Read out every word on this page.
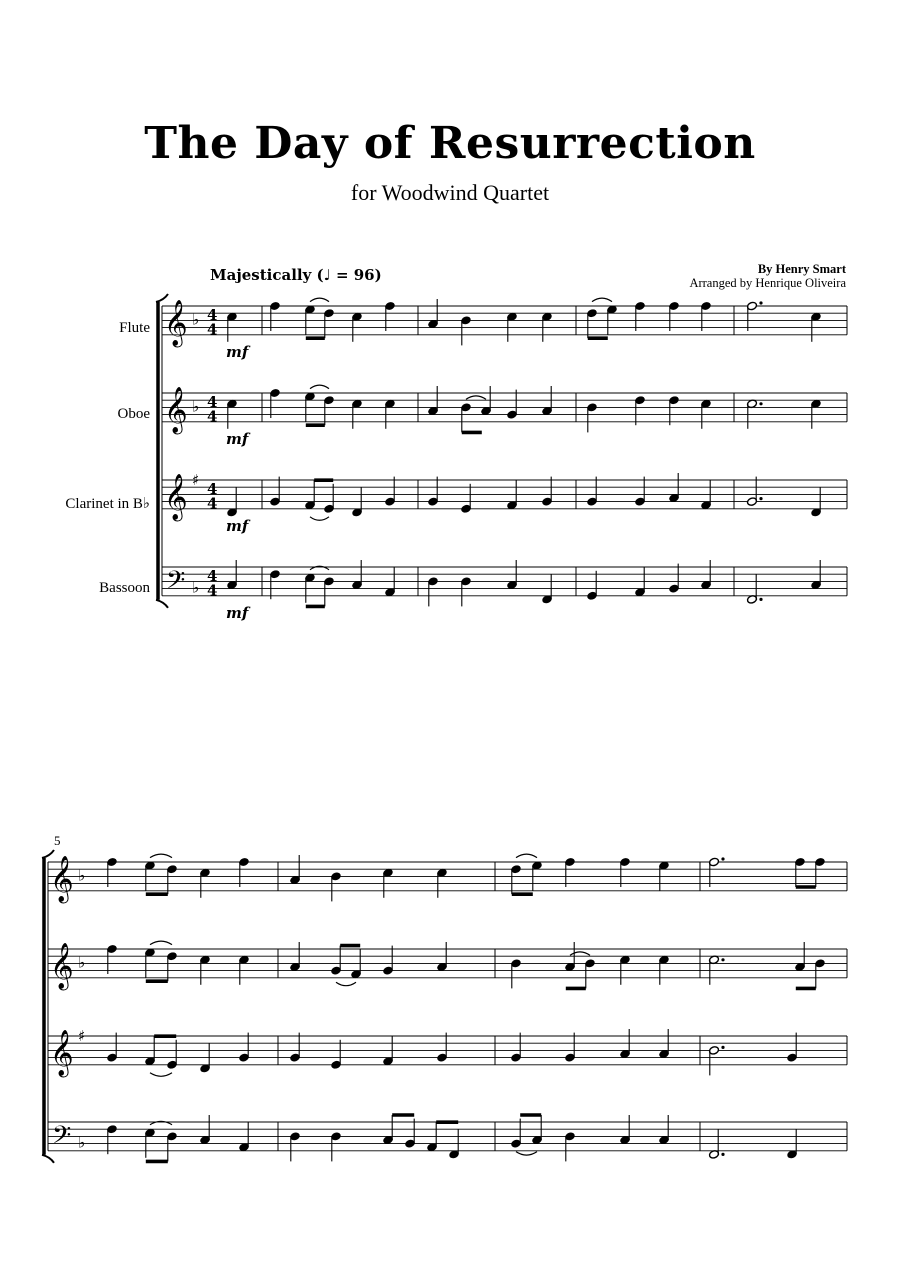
The Day of Resurrection
for Woodwind Quartet
By Henry Smart
Arranged by Henrique Oliveira
Majestically (♩ = 96)
Flute
Oboe
Clarinet in B♭
Bassoon
5
𝄞 ♭ 4
4
𝄞 ♭ 4
4
𝄞 ♯ 4
4
𝄢 ♭
4
4
𝄞 ♭
𝄞 ♭
𝄞 ♯
𝄢 ♭
mf
mf
mf
mf
